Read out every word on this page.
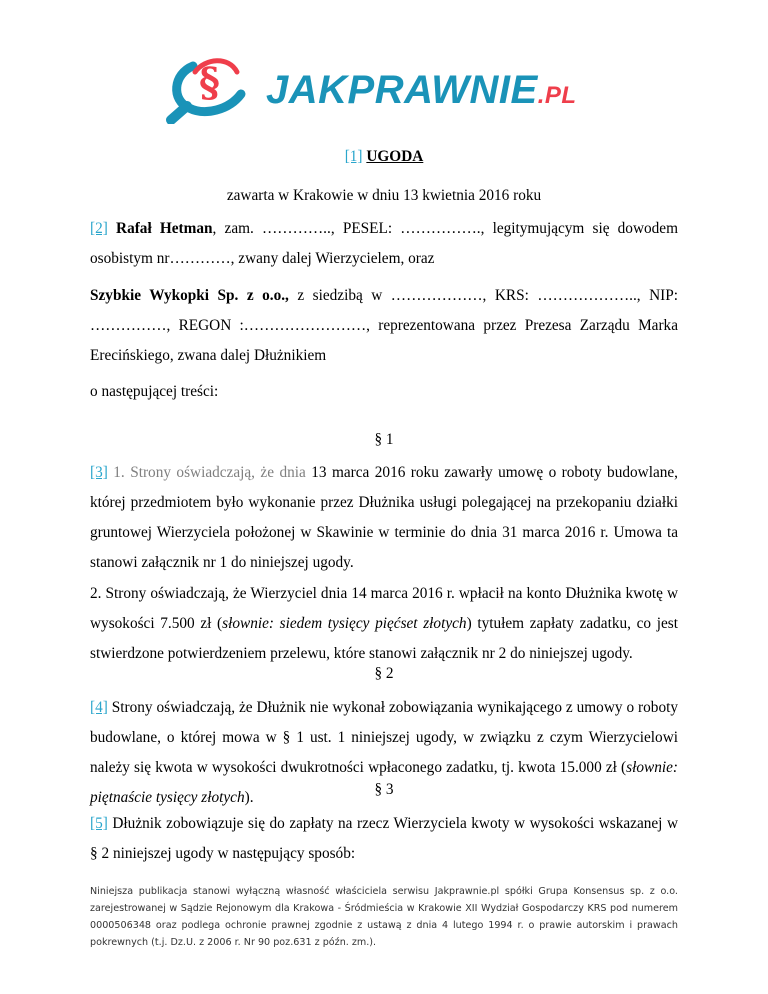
§ JAKPRAWNIE.PL

[1] UGODA

zawarta w Krakowie w dniu 13 kwietnia 2016 roku

[2] Rafał Hetman, zam. ………….., PESEL: ……………., legitymującym się dowodem osobistym nr…………, zwany dalej Wierzycielem, oraz

Szybkie Wykopki Sp. z o.o., z siedzibą w ………………, KRS: ……………….., NIP: ……………, REGON :……………………, reprezentowana przez Prezesa Zarządu Marka Erecińskiego, zwana dalej Dłużnikiem

o następującej treści:

§ 1

[3] 1. Strony oświadczają, że dnia 13 marca 2016 roku zawarły umowę o roboty budowlane, której przedmiotem było wykonanie przez Dłużnika usługi polegającej na przekopaniu działki gruntowej Wierzyciela położonej w Skawinie w terminie do dnia 31 marca 2016 r. Umowa ta stanowi załącznik nr 1 do niniejszej ugody.

2. Strony oświadczają, że Wierzyciel dnia 14 marca 2016 r. wpłacił na konto Dłużnika kwotę w wysokości 7.500 zł (słownie: siedem tysięcy pięćset złotych) tytułem zapłaty zadatku, co jest stwierdzone potwierdzeniem przelewu, które stanowi załącznik nr 2 do niniejszej ugody.

§ 2

[4] Strony oświadczają, że Dłużnik nie wykonał zobowiązania wynikającego z umowy o roboty budowlane, o której mowa w § 1 ust. 1 niniejszej ugody, w związku z czym Wierzycielowi należy się kwota w wysokości dwukrotności wpłaconego zadatku, tj. kwota 15.000 zł (słownie: piętnaście tysięcy złotych).	§ 3

[5] Dłużnik zobowiązuje się do zapłaty na rzecz Wierzyciela kwoty w wysokości wskazanej w § 2 niniejszej ugody w następujący sposób:

Niniejsza publikacja stanowi wyłączną własność właściciela serwisu Jakprawnie.pl spółki Grupa Konsensus sp. z o.o. zarejestrowanej w Sądzie Rejonowym dla Krakowa - Śródmieścia w Krakowie XII Wydział Gospodarczy KRS pod numerem 0000506348 oraz podlega ochronie prawnej zgodnie z ustawą z dnia 4 lutego 1994 r. o prawie autorskim i prawach pokrewnych (t.j. Dz.U. z 2006 r. Nr 90 poz.631 z późn. zm.).
